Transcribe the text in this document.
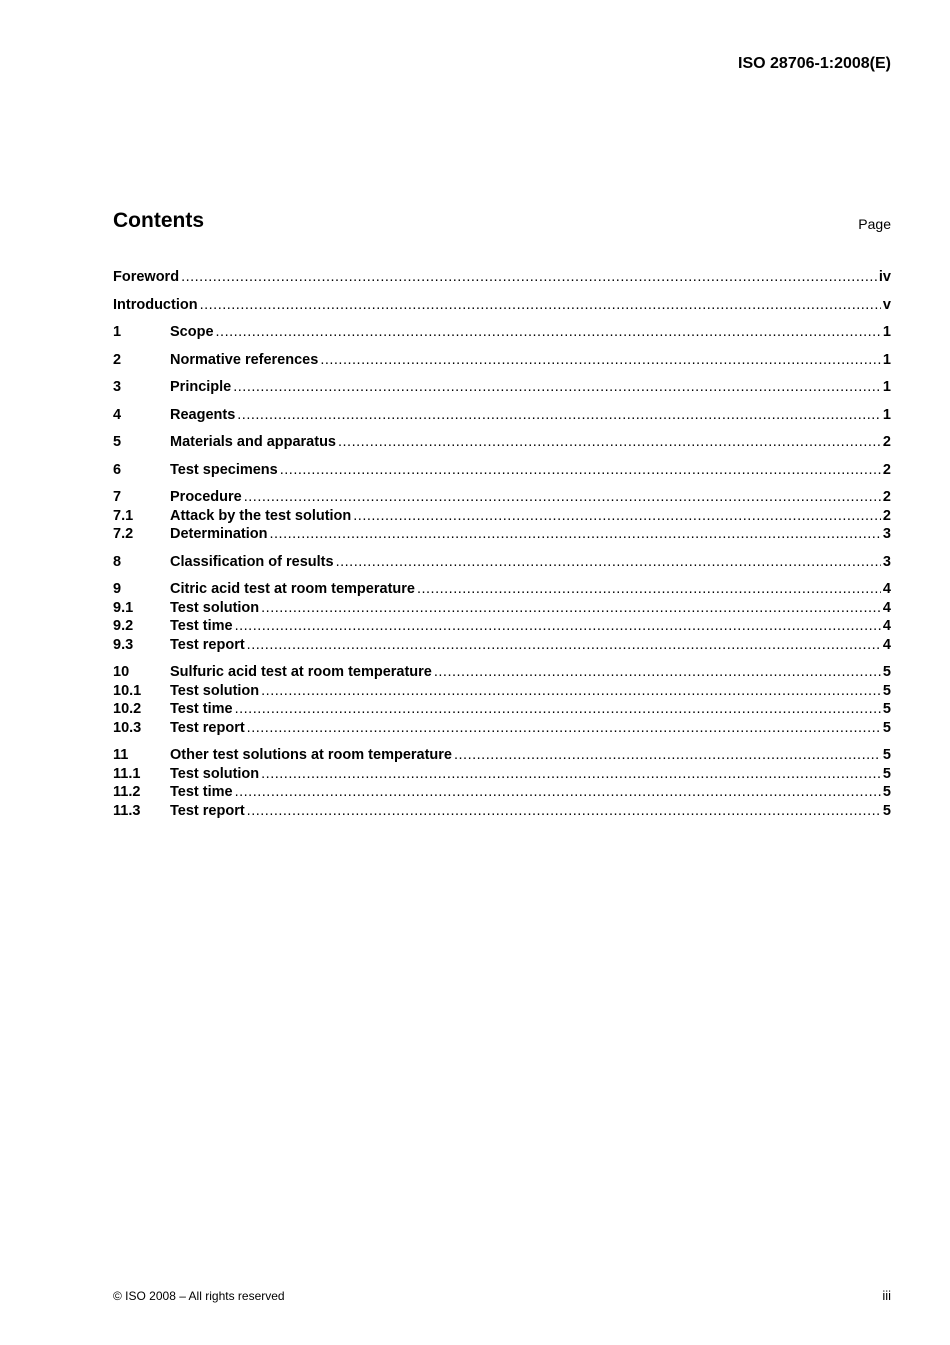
ISO 28706-1:2008(E)
Contents	Page
Foreword .....	iv
Introduction .....	v
1	Scope .....	1
2	Normative references .....	1
3	Principle .....	1
4	Reagents .....	1
5	Materials and apparatus .....	2
6	Test specimens .....	2
7	Procedure .....	2
7.1	Attack by the test solution .....	2
7.2	Determination .....	3
8	Classification of results .....	3
9	Citric acid test at room temperature .....	4
9.1	Test solution .....	4
9.2	Test time .....	4
9.3	Test report .....	4
10	Sulfuric acid test at room temperature .....	5
10.1	Test solution .....	5
10.2	Test time .....	5
10.3	Test report .....	5
11	Other test solutions at room temperature .....	5
11.1	Test solution .....	5
11.2	Test time .....	5
11.3	Test report .....	5
© ISO 2008 – All rights reserved	iii
